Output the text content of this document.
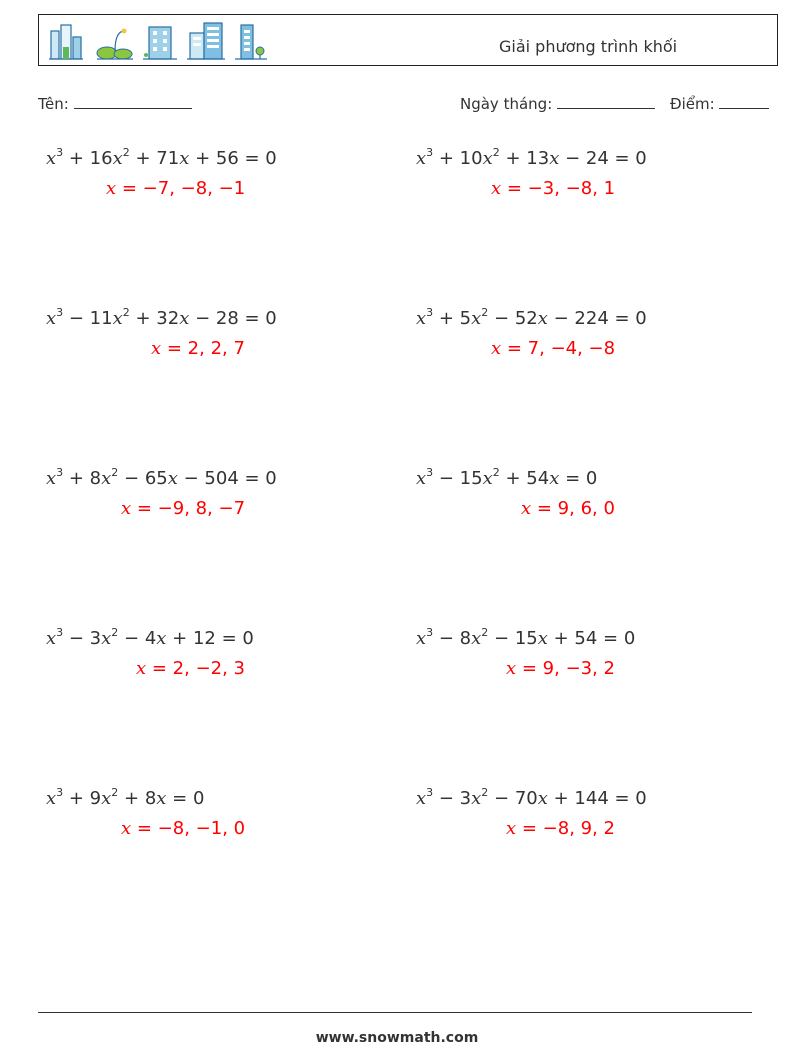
Giải phương trình khối
Tên:	Ngày tháng:	Điểm:
$x^3 + 16x^2 + 71x + 56 = 0$
x = −7, −8, −1
$x^3 + 10x^2 + 13x - 24 = 0$
x = −3, −8, 1
$x^3 - 11x^2 + 32x - 28 = 0$
x = 2, 2, 7
$x^3 + 5x^2 - 52x - 224 = 0$
x = 7, −4, −8
$x^3 + 8x^2 - 65x - 504 = 0$
x = −9, 8, −7
$x^3 - 15x^2 + 54x = 0$
x = 9, 6, 0
$x^3 - 3x^2 - 4x + 12 = 0$
x = 2, −2, 3
$x^3 - 8x^2 - 15x + 54 = 0$
x = 9, −3, 2
$x^3 + 9x^2 + 8x = 0$
x = −8, −1, 0
$x^3 - 3x^2 - 70x + 144 = 0$
x = −8, 9, 2
www.snowmath.com
